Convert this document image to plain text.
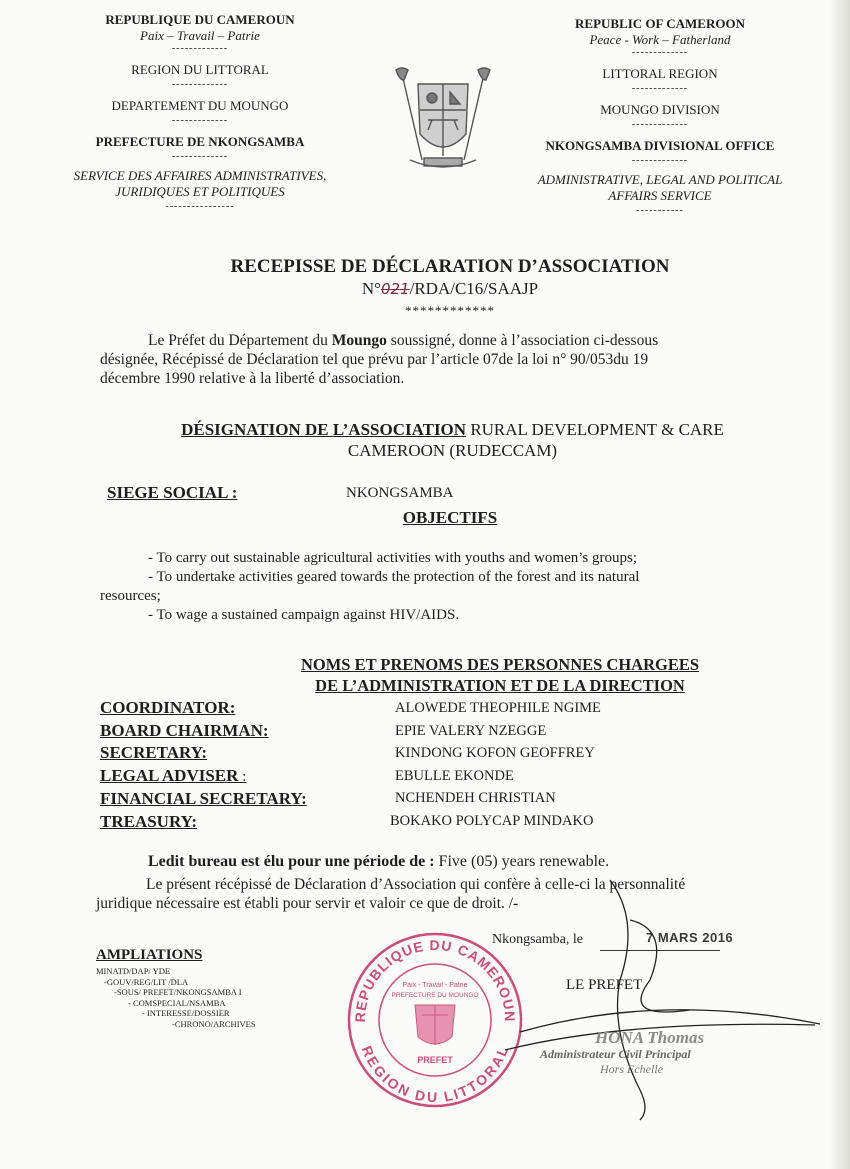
REPUBLIQUE DU CAMEROUN
Paix – Travail – Patrie
-------------
REGION DU LITTORAL
-------------
DEPARTEMENT DU MOUNGO
-------------
PREFECTURE DE NKONGSAMBA
-------------
SERVICE DES AFFAIRES ADMINISTRATIVES,
JURIDIQUES ET POLITIQUES
----------------
REPUBLIC OF CAMEROON
Peace - Work – Fatherland
-------------
LITTORAL REGION
-------------
MOUNGO DIVISION
-------------
NKONGSAMBA DIVISIONAL OFFICE
-------------
ADMINISTRATIVE, LEGAL AND POLITICAL
AFFAIRS SERVICE
-----------
RECEPISSE DE DÉCLARATION D’ASSOCIATION
N°021/RDA/C16/SAAJP
************
Le Préfet du Département du Moungo soussigné, donne à l’association ci-dessous
désignée, Récépissé de Déclaration tel que prévu par l’article 07de la loi n° 90/053du 19
décembre 1990 relative à la liberté d’association.
DÉSIGNATION DE L’ASSOCIATION RURAL DEVELOPMENT & CARE
CAMEROON (RUDECCAM)
SIEGE SOCIAL :	NKONGSAMBA
OBJECTIFS
- To carry out sustainable agricultural activities with youths and women’s groups;
- To undertake activities geared towards the protection of the forest and its natural
resources;
- To wage a sustained campaign against HIV/AIDS.
NOMS ET PRENOMS DES PERSONNES CHARGEES
DE L’ADMINISTRATION ET DE LA DIRECTION
COORDINATOR:
BOARD CHAIRMAN:
SECRETARY:
LEGAL ADVISER :
FINANCIAL SECRETARY:
TREASURY:
ALOWEDE THEOPHILE NGIME
EPIE VALERY NZEGGE
KINDONG KOFON GEOFFREY
EBULLE EKONDE
NCHENDEH CHRISTIAN
BOKAKO POLYCAP MINDAKO
Ledit bureau est élu pour une période de : Five (05) years renewable.
Le présent récépissé de Déclaration d’Association qui confère à celle-ci la personnalité
juridique nécessaire est établi pour servir et valoir ce que de droit. /-
AMPLIATIONS
MINATD/DAP/ YDE
-GOUV/REG/LIT /DLA
-SOUS/ PREFET/NKONGSAMBA I
- COMSPECIAL/NSAMBA
- INTERESSE/DOSSIER
-CHRONO/ARCHIVES
REPUBLIQUE DU CAMEROUN
REGION DU LITTORAL
Paix - Travail - Patrie
PREFECTURE DU MOUNGO
PREFET
Nkongsamba, le	7 MARS 2016
LE PREFET
HONA Thomas
Administrateur Civil Principal
Hors Echelle
